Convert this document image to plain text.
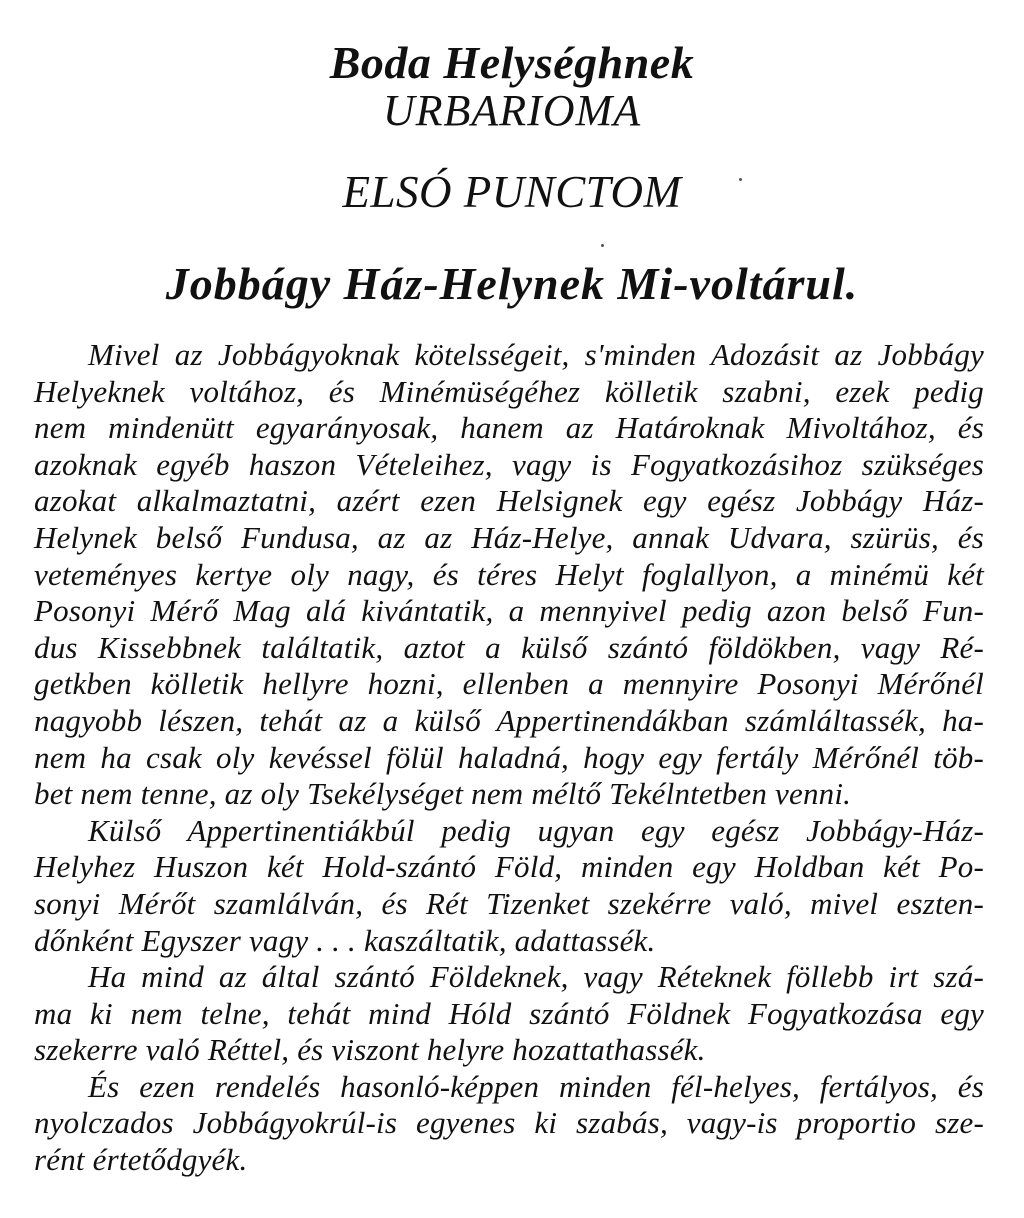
Boda Helységhnek
URBARIOMA
ELSÓ PUNCTOM
Jobbágy Ház-Helynek Mi-voltárul.
Mivel az Jobbágyoknak kötelsségeit, s'minden Adozásit az Jobbágy
Helyeknek voltához, és Minémüségéhez kölletik szabni, ezek pedig
nem mindenütt egyarányosak, hanem az Határoknak Mivoltához, és
azoknak egyéb haszon Vételeihez, vagy is Fogyatkozásihoz szükséges
azokat alkalmaztatni, azért ezen Helsignek egy egész Jobbágy Ház-
Helynek belső Fundusa, az az Ház-Helye, annak Udvara, szürüs, és
veteményes kertye oly nagy, és téres Helyt foglallyon, a minémü két
Posonyi Mérő Mag alá kivántatik, a mennyivel pedig azon belső Fun-
dus Kissebbnek találtatik, aztot a külső szántó földökben, vagy Ré-
getkben kölletik hellyre hozni, ellenben a mennyire Posonyi Mérőnél
nagyobb lészen, tehát az a külső Appertinendákban számláltassék, ha-
nem ha csak oly kevéssel fölül haladná, hogy egy fertály Mérőnél töb-
bet nem tenne, az oly Tsekélységet nem méltő Tekélntetben venni.
Külső Appertinentiákbúl pedig ugyan egy egész Jobbágy-Ház-
Helyhez Huszon két Hold-szántó Föld, minden egy Holdban két Po-
sonyi Mérőt szamlálván, és Rét Tizenket szekérre való, mivel eszten-
dőnként Egyszer vagy . . . kaszáltatik, adattassék.
Ha mind az által szántó Földeknek, vagy Réteknek föllebb irt szá-
ma ki nem telne, tehát mind Hóld szántó Földnek Fogyatkozása egy
szekerre való Réttel, és viszont helyre hozattathassék.
És ezen rendelés hasonló-képpen minden fél-helyes, fertályos, és
nyolczados Jobbágyokrúl-is egyenes ki szabás, vagy-is proportio sze-
rént értetődgyék.
